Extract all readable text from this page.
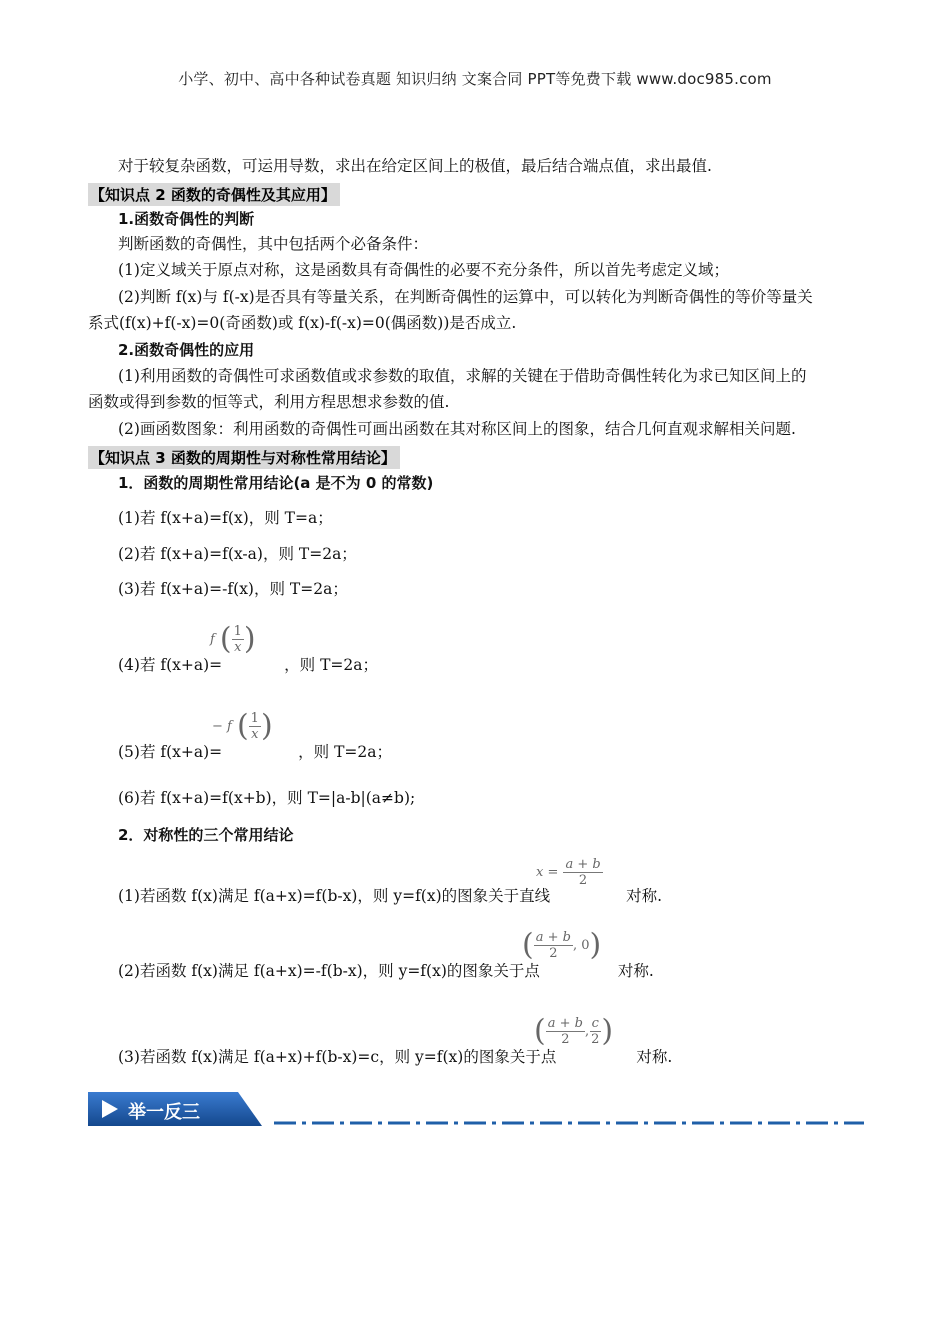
小学、初中、高中各种试卷真题 知识归纳 文案合同 PPT等免费下载 www.doc985.com
对于较复杂函数，可运用导数，求出在给定区间上的极值，最后结合端点值，求出最值.
【知识点 2 函数的奇偶性及其应用】
1.函数奇偶性的判断
判断函数的奇偶性，其中包括两个必备条件：
(1)定义域关于原点对称，这是函数具有奇偶性的必要不充分条件，所以首先考虑定义域；
(2)判断 f(x)与 f(-x)是否具有等量关系，在判断奇偶性的运算中，可以转化为判断奇偶性的等价等量关
系式(f(x)+f(-x)=0(奇函数)或 f(x)-f(-x)=0(偶函数))是否成立.
2.函数奇偶性的应用
(1)利用函数的奇偶性可求函数值或求参数的取值，求解的关键在于借助奇偶性转化为求已知区间上的
函数或得到参数的恒等式，利用方程思想求参数的值.
(2)画函数图象：利用函数的奇偶性可画出函数在其对称区间上的图象，结合几何直观求解相关问题.
【知识点 3 函数的周期性与对称性常用结论】
1．函数的周期性常用结论(a 是不为 0 的常数)
(1)若 f(x+a)=f(x)，则 T=a；
(2)若 f(x+a)=f(x-a)，则 T=2a；
(3)若 f(x+a)=-f(x)，则 T=2a；
(4)若 f(x+a)=	，则 T=2a；
f ( $\frac{1}{x}$ )
(5)若 f(x+a)=	，则 T=2a；
− f ( $\frac{1}{x}$ )
(6)若 f(x+a)=f(x+b)，则 T=|a-b|(a≠b);
2．对称性的三个常用结论
(1)若函数 f(x)满足 f(a+x)=f(b-x)，则 y=f(x)的图象关于直线	对称.
$x = \frac{a + b}{2}$
(2)若函数 f(x)满足 f(a+x)=-f(b-x)，则 y=f(x)的图象关于点	对称.
( $\frac{a + b}{2}$ , 0)
(3)若函数 f(x)满足 f(a+x)+f(b-x)=c，则 y=f(x)的图象关于点	对称.
( $\frac{a + b}{2}$ , $\frac{c}{2}$ )
举一反三
